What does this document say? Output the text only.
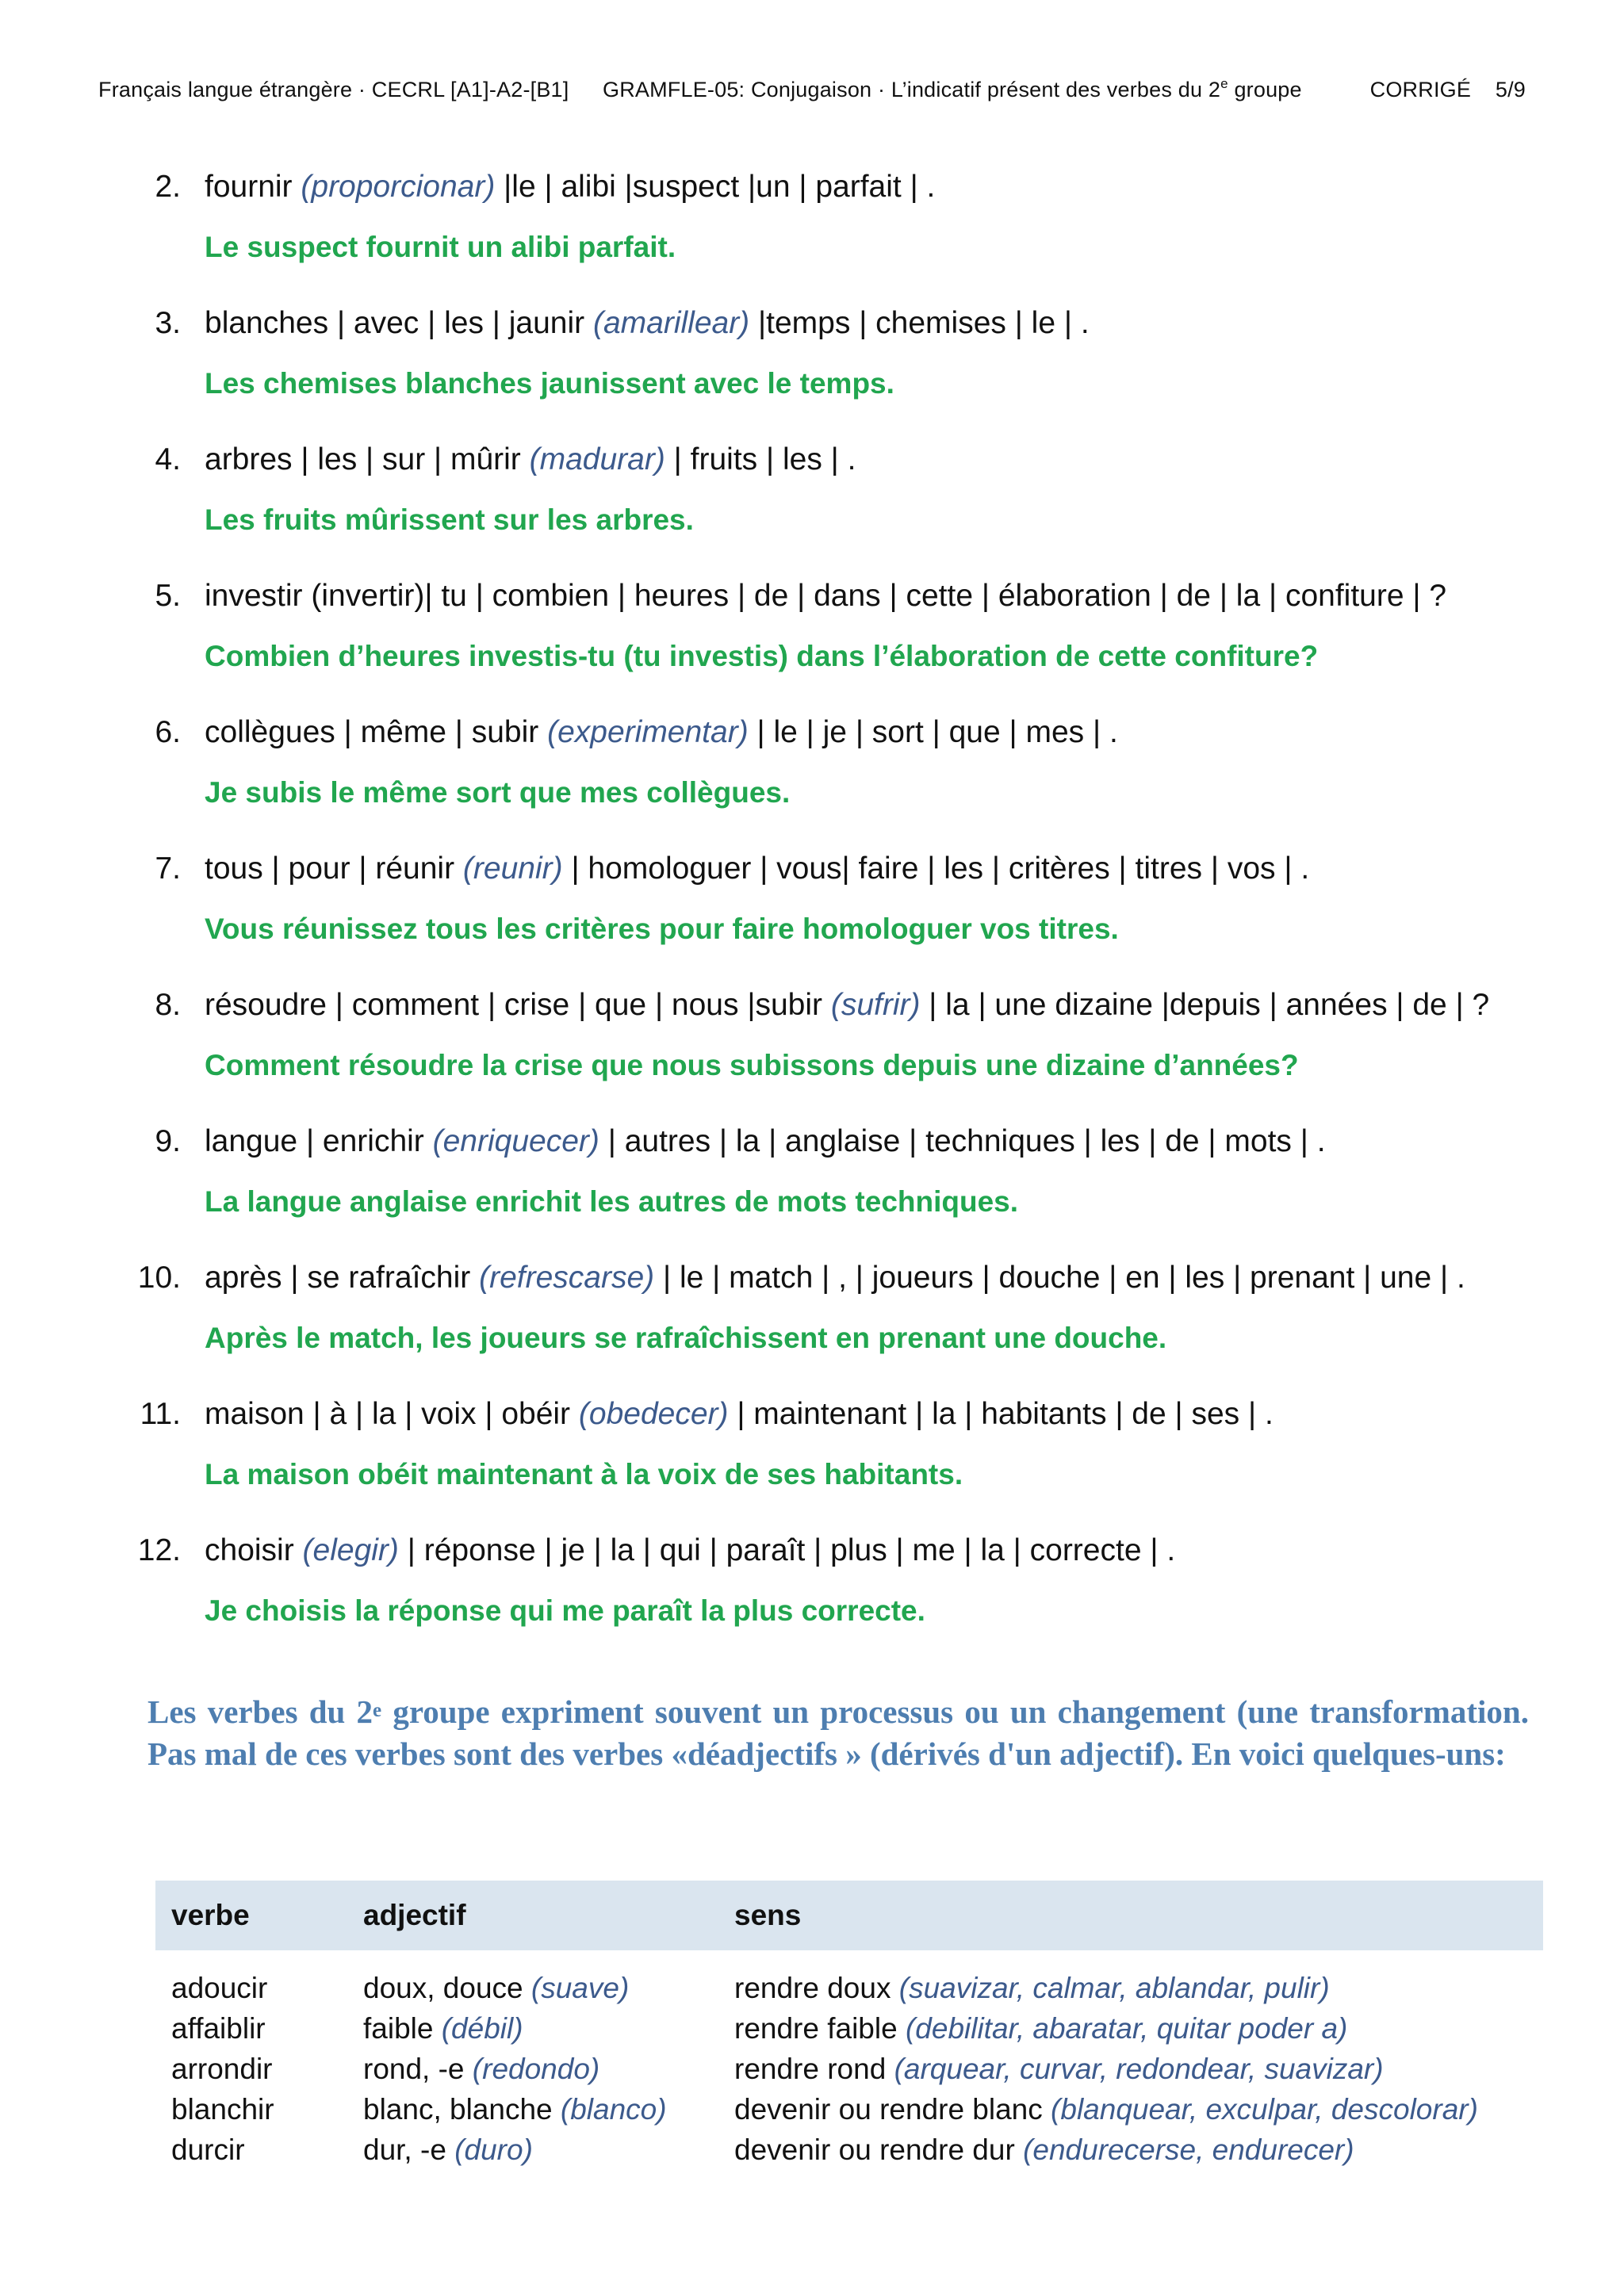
Français langue étrangère · CECRL [A1]-A2-[B1]	GRAMFLE-05: Conjugaison · L’indicatif présent des verbes du 2e groupe	CORRIGÉ    5/9
2. fournir (proporcionar) |le | alibi |suspect |un | parfait | .
Le suspect fournit un alibi parfait.
3. blanches | avec | les | jaunir (amarillear) |temps | chemises | le | .
Les chemises blanches jaunissent avec le temps.
4. arbres | les | sur | mûrir (madurar) | fruits | les | .
Les fruits mûrissent sur les arbres.
5. investir (invertir)| tu | combien | heures | de | dans | cette | élaboration | de | la | confiture | ?
Combien d’heures investis-tu (tu investis) dans l’élaboration de cette confiture?
6. collègues | même | subir (experimentar) | le | je | sort | que | mes | .
Je subis le même sort que mes collègues.
7. tous | pour | réunir (reunir) | homologuer | vous| faire | les | critères | titres | vos | .
Vous réunissez tous les critères pour faire homologuer vos titres.
8. résoudre | comment | crise | que | nous |subir (sufrir) | la | une dizaine |depuis | années | de | ?
Comment résoudre la crise que nous subissons depuis une dizaine d’années?
9. langue | enrichir (enriquecer) | autres | la | anglaise | techniques | les | de | mots | .
La langue anglaise enrichit les autres de mots techniques.
10. après | se rafraîchir (refrescarse) | le | match | , | joueurs | douche | en | les | prenant | une | .
Après le match, les joueurs se rafraîchissent en prenant une douche.
11. maison | à | la | voix | obéir (obedecer) | maintenant | la | habitants | de | ses | .
La maison obéit maintenant à la voix de ses habitants.
12. choisir (elegir) | réponse | je | la | qui | paraît | plus | me | la | correcte | .
Je choisis la réponse qui me paraît la plus correcte.
Les verbes du 2e groupe expriment souvent un processus ou un changement (une transformation. Pas mal de ces verbes sont des verbes «déadjectifs » (dérivés d'un adjectif). En voici quelques-uns:
verbe	adjectif	sens
adoucir	doux, douce (suave)	rendre doux (suavizar, calmar, ablandar, pulir)
affaiblir	faible (débil)	rendre faible (debilitar, abaratar, quitar poder a)
arrondir	rond, -e (redondo)	rendre rond (arquear, curvar, redondear, suavizar)
blanchir	blanc, blanche (blanco)	devenir ou rendre blanc (blanquear, exculpar, descolorar)
durcir	dur, -e (duro)	devenir ou rendre dur (endurecerse, endurecer)
